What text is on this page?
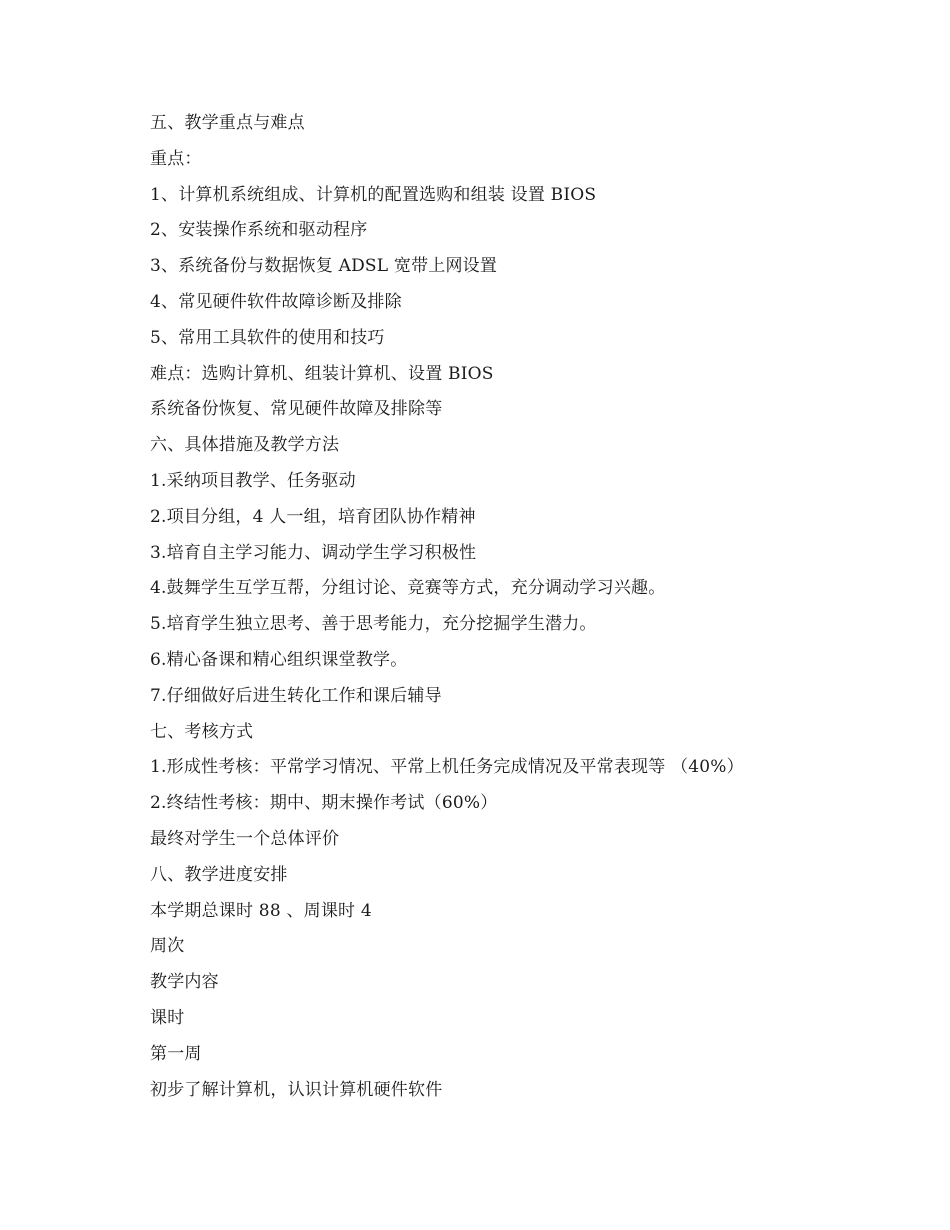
五、教学重点与难点
重点：
1、计算机系统组成、计算机的配置选购和组装 设置 BIOS
2、安装操作系统和驱动程序
3、系统备份与数据恢复 ADSL 宽带上网设置
4、常见硬件软件故障诊断及排除
5、常用工具软件的使用和技巧
难点：选购计算机、组装计算机、设置 BIOS
系统备份恢复、常见硬件故障及排除等
六、具体措施及教学方法
1.采纳项目教学、任务驱动
2.项目分组，4 人一组，培育团队协作精神
3.培育自主学习能力、调动学生学习积极性
4.鼓舞学生互学互帮，分组讨论、竞赛等方式，充分调动学习兴趣。
5.培育学生独立思考、善于思考能力，充分挖掘学生潜力。
6.精心备课和精心组织课堂教学。
7.仔细做好后进生转化工作和课后辅导
七、考核方式
1.形成性考核：平常学习情况、平常上机任务完成情况及平常表现等 （40%）
2.终结性考核：期中、期末操作考试（60%）
最终对学生一个总体评价
八、教学进度安排
本学期总课时 88 、周课时 4
周次
教学内容
课时
第一周
初步了解计算机，认识计算机硬件软件
